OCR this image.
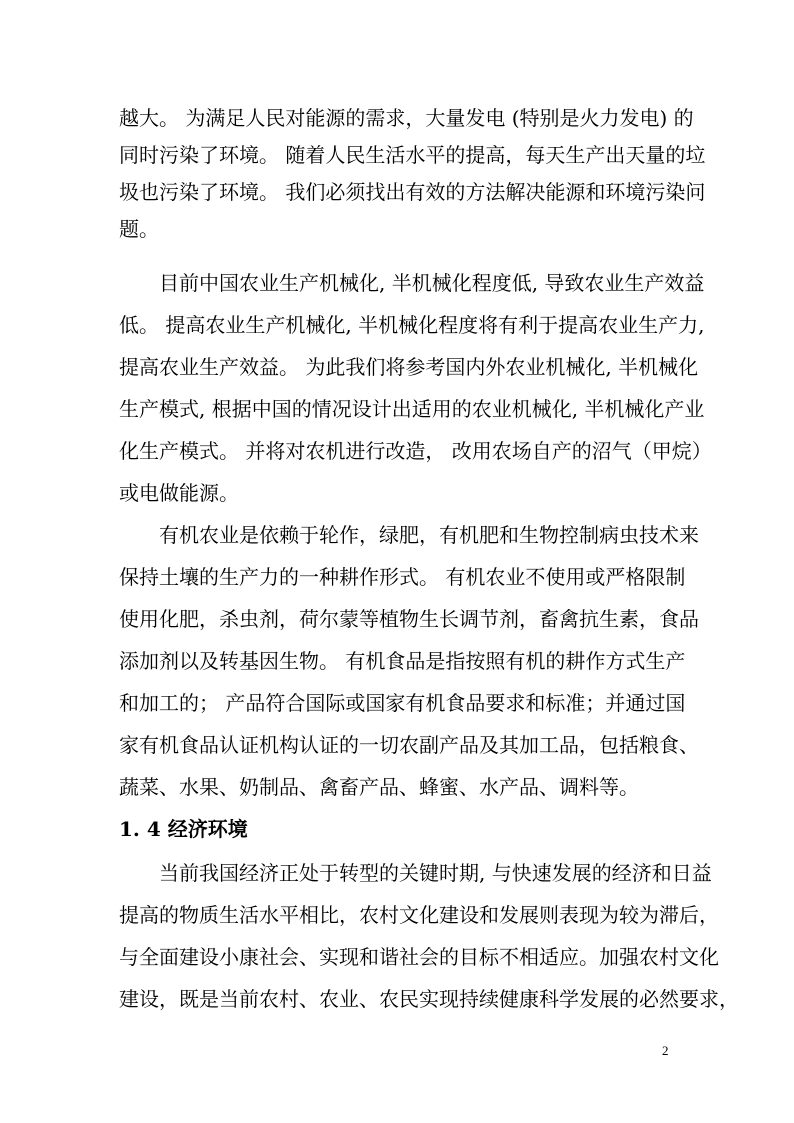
越大。 为满足人民对能源的需求，大量发电 (特别是火力发电) 的
同时污染了环境。 随着人民生活水平的提高，每天生产出天量的垃
圾也污染了环境。 我们必须找出有效的方法解决能源和环境污染问
题。
目前中国农业生产机械化, 半机械化程度低, 导致农业生产效益
低。 提高农业生产机械化, 半机械化程度将有利于提高农业生产力,
提高农业生产效益。 为此我们将参考国内外农业机械化, 半机械化
生产模式, 根据中国的情况设计出适用的农业机械化, 半机械化产业
化生产模式。 并将对农机进行改造， 改用农场自产的沼气（甲烷）
或电做能源。
有机农业是依赖于轮作，绿肥，有机肥和生物控制病虫技术来
保持土壤的生产力的一种耕作形式。 有机农业不使用或严格限制
使用化肥，杀虫剂，荷尔蒙等植物生长调节剂，畜禽抗生素，食品
添加剂以及转基因生物。 有机食品是指按照有机的耕作方式生产
和加工的； 产品符合国际或国家有机食品要求和标准；并通过国
家有机食品认证机构认证的一切农副产品及其加工品，包括粮食、
蔬菜、水果、奶制品、禽畜产品、蜂蜜、水产品、调料等。
1. 4 经济环境
当前我国经济正处于转型的关键时期, 与快速发展的经济和日益
提高的物质生活水平相比，农村文化建设和发展则表现为较为滞后，
与全面建设小康社会、实现和谐社会的目标不相适应。加强农村文化
建设，既是当前农村、农业、农民实现持续健康科学发展的必然要求，
2
